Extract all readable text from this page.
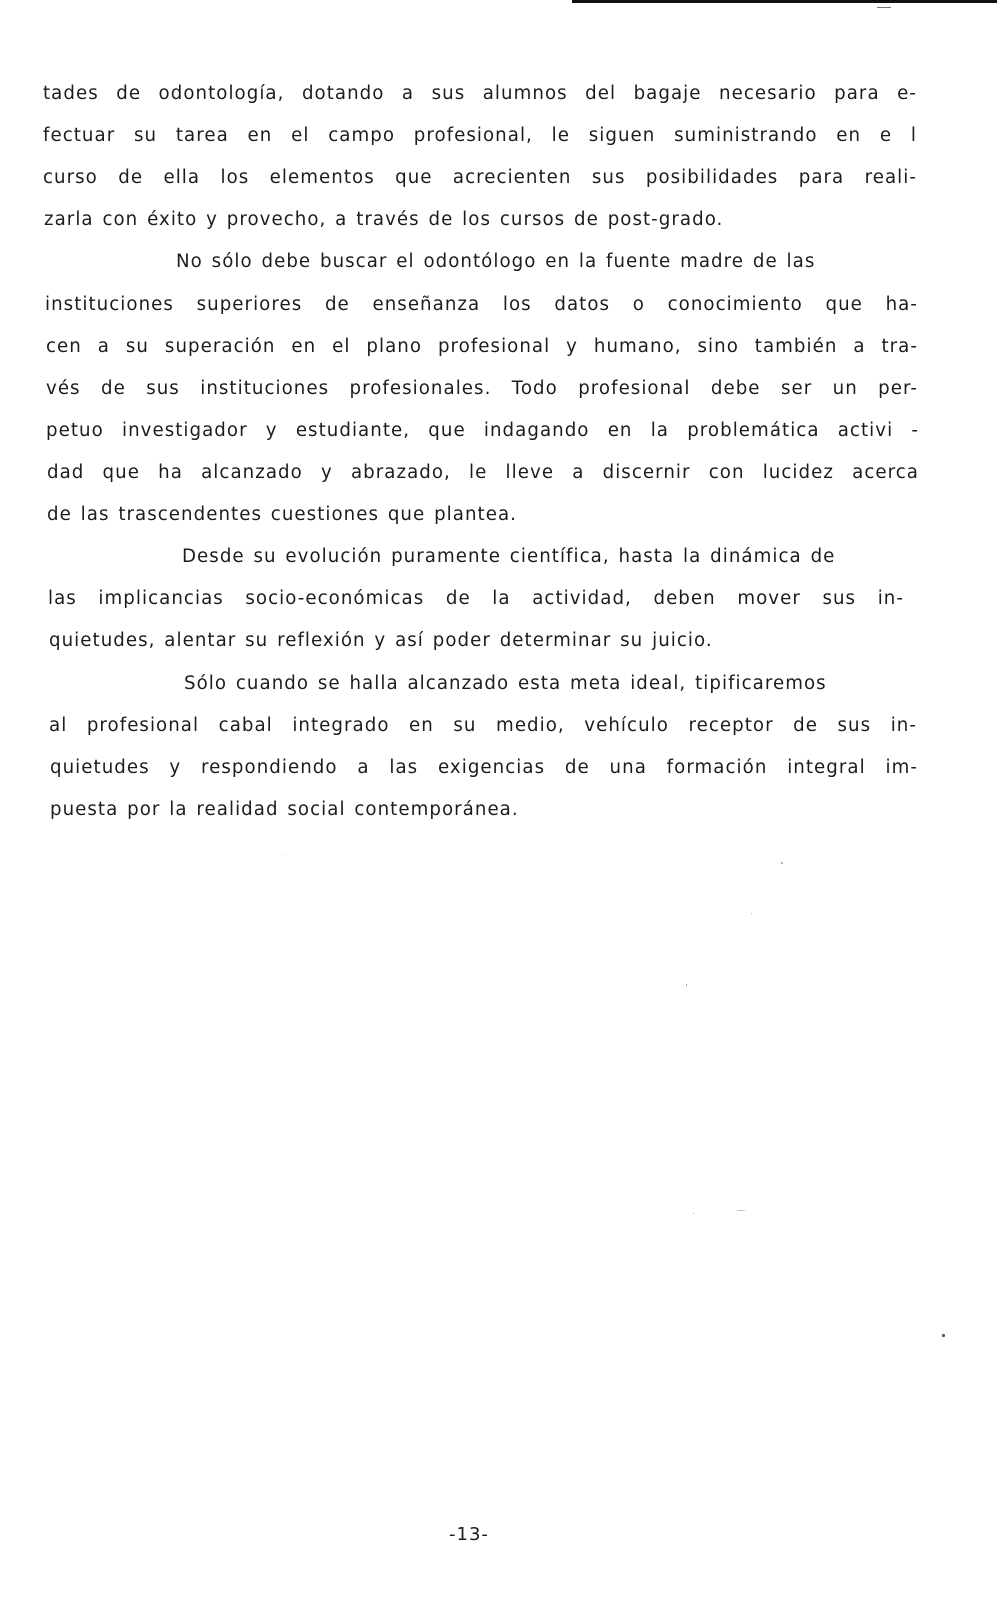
tades de odontología, dotando a sus alumnos del bagaje necesario para e-
fectuar su tarea en el campo profesional, le siguen suministrando en e l
curso de ella los elementos que acrecienten sus posibilidades para reali-
zarla con éxito y provecho, a través de los cursos de post-grado.
No sólo debe buscar el odontólogo en la fuente madre de las
instituciones superiores de enseñanza los datos o conocimiento que ha-
cen a su superación en el plano profesional y humano, sino también a tra-
vés de sus instituciones profesionales. Todo profesional debe ser un per-
petuo investigador y estudiante, que indagando en la problemática activi -
dad que ha alcanzado y abrazado, le lleve a discernir con lucidez acerca
de las trascendentes cuestiones que plantea.
Desde su evolución puramente científica, hasta la dinámica de
las implicancias socio-económicas de la actividad, deben mover sus in-
quietudes, alentar su reflexión y así poder determinar su juicio.
Sólo cuando se halla alcanzado esta meta ideal, tipificaremos
al profesional cabal integrado en su medio, vehículo receptor de sus in-
quietudes y respondiendo a las exigencias de una formación integral im-
puesta por la realidad social contemporánea.
-13-
